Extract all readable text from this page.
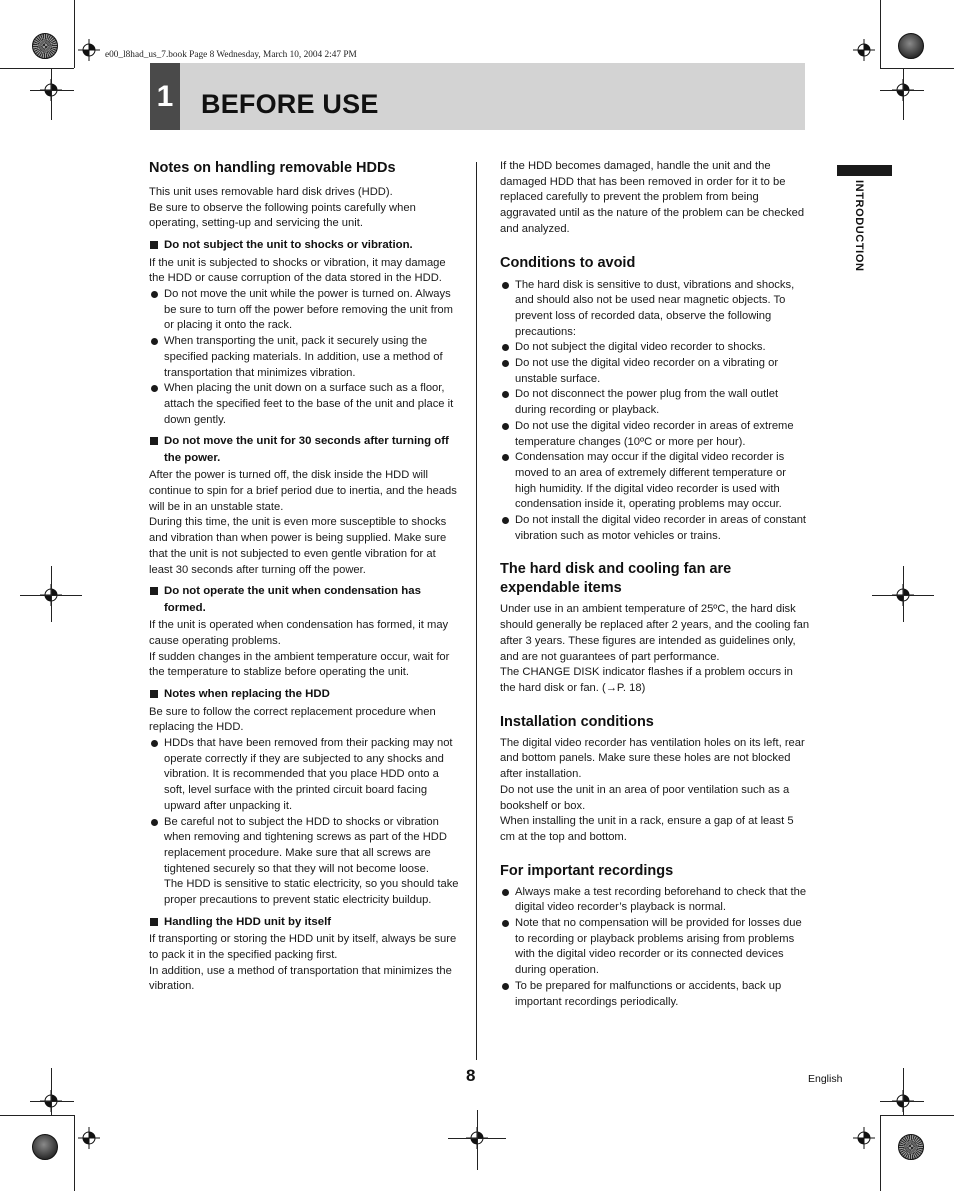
e00_l8had_us_7.book Page 8 Wednesday, March 10, 2004 2:47 PM
1 BEFORE USE
INTRODUCTION
Notes on handling removable HDDs

This unit uses removable hard disk drives (HDD).

Be sure to observe the following points carefully when operating, setting-up and servicing the unit.

Do not subject the unit to shocks or vibration.

If the unit is subjected to shocks or vibration, it may damage the HDD or cause corruption of the data stored in the HDD.

Do not move the unit while the power is turned on. Always be sure to turn off the power before removing the unit from or placing it onto the rack.
When transporting the unit, pack it securely using the specified packing materials. In addition, use a method of transportation that minimizes vibration.
When placing the unit down on a surface such as a floor, attach the specified feet to the base of the unit and place it down gently.
Do not move the unit for 30 seconds after turning off the power.

After the power is turned off, the disk inside the HDD will continue to spin for a brief period due to inertia, and the heads will be in an unstable state.

During this time, the unit is even more susceptible to shocks and vibration than when power is being supplied. Make sure that the unit is not subjected to even gentle vibration for at least 30 seconds after turning off the power.

Do not operate the unit when condensation has formed.

If the unit is operated when condensation has formed, it may cause operating problems.

If sudden changes in the ambient temperature occur, wait for the temperature to stablize before operating the unit.

Notes when replacing the HDD

Be sure to follow the correct replacement procedure when replacing the HDD.

HDDs that have been removed from their packing may not operate correctly if they are subjected to any shocks and vibration. It is recommended that you place HDD onto a soft, level surface with the printed circuit board facing upward after unpacking it.
Be careful not to subject the HDD to shocks or vibration when removing and tightening screws as part of the HDD replacement procedure. Make sure that all screws are tightened securely so that they will not become loose.

The HDD is sensitive to static electricity, so you should take proper precautions to prevent static electricity buildup.

Handling the HDD unit by itself

If transporting or storing the HDD unit by itself, always be sure to pack it in the specified packing first.

In addition, use a method of transportation that minimizes the vibration.

If the HDD becomes damaged, handle the unit and the damaged HDD that has been removed in order for it to be replaced carefully to prevent the problem from being aggravated until as the nature of the problem can be checked and analyzed.

Conditions to avoid
The hard disk is sensitive to dust, vibrations and shocks, and should also not be used near magnetic objects. To prevent loss of recorded data, observe the following precautions:
Do not subject the digital video recorder to shocks.
Do not use the digital video recorder on a vibrating or unstable surface.
Do not disconnect the power plug from the wall outlet during recording or playback.
Do not use the digital video recorder in areas of extreme temperature changes (10ºC or more per hour).
Condensation may occur if the digital video recorder is moved to an area of extremely different temperature or high humidity. If the digital video recorder is used with condensation inside it, operating problems may occur.
Do not install the digital video recorder in areas of constant vibration such as motor vehicles or trains.
The hard disk and cooling fan are expendable items

Under use in an ambient temperature of 25ºC, the hard disk should generally be replaced after 2 years, and the cooling fan after 3 years. These figures are intended as guidelines only, and are not guarantees of part performance.

The CHANGE DISK indicator flashes if a problem occurs in the hard disk or fan. (→P. 18)

Installation conditions

The digital video recorder has ventilation holes on its left, rear and bottom panels. Make sure these holes are not blocked after installation.

Do not use the unit in an area of poor ventilation such as a bookshelf or box.

When installing the unit in a rack, ensure a gap of at least 5 cm at the top and bottom.

For important recordings
Always make a test recording beforehand to check that the digital video recorder’s playback is normal.
Note that no compensation will be provided for losses due to recording or playback problems arising from problems with the digital video recorder or its connected devices during operation.
To be prepared for malfunctions or accidents, back up important recordings periodically.
8	English
